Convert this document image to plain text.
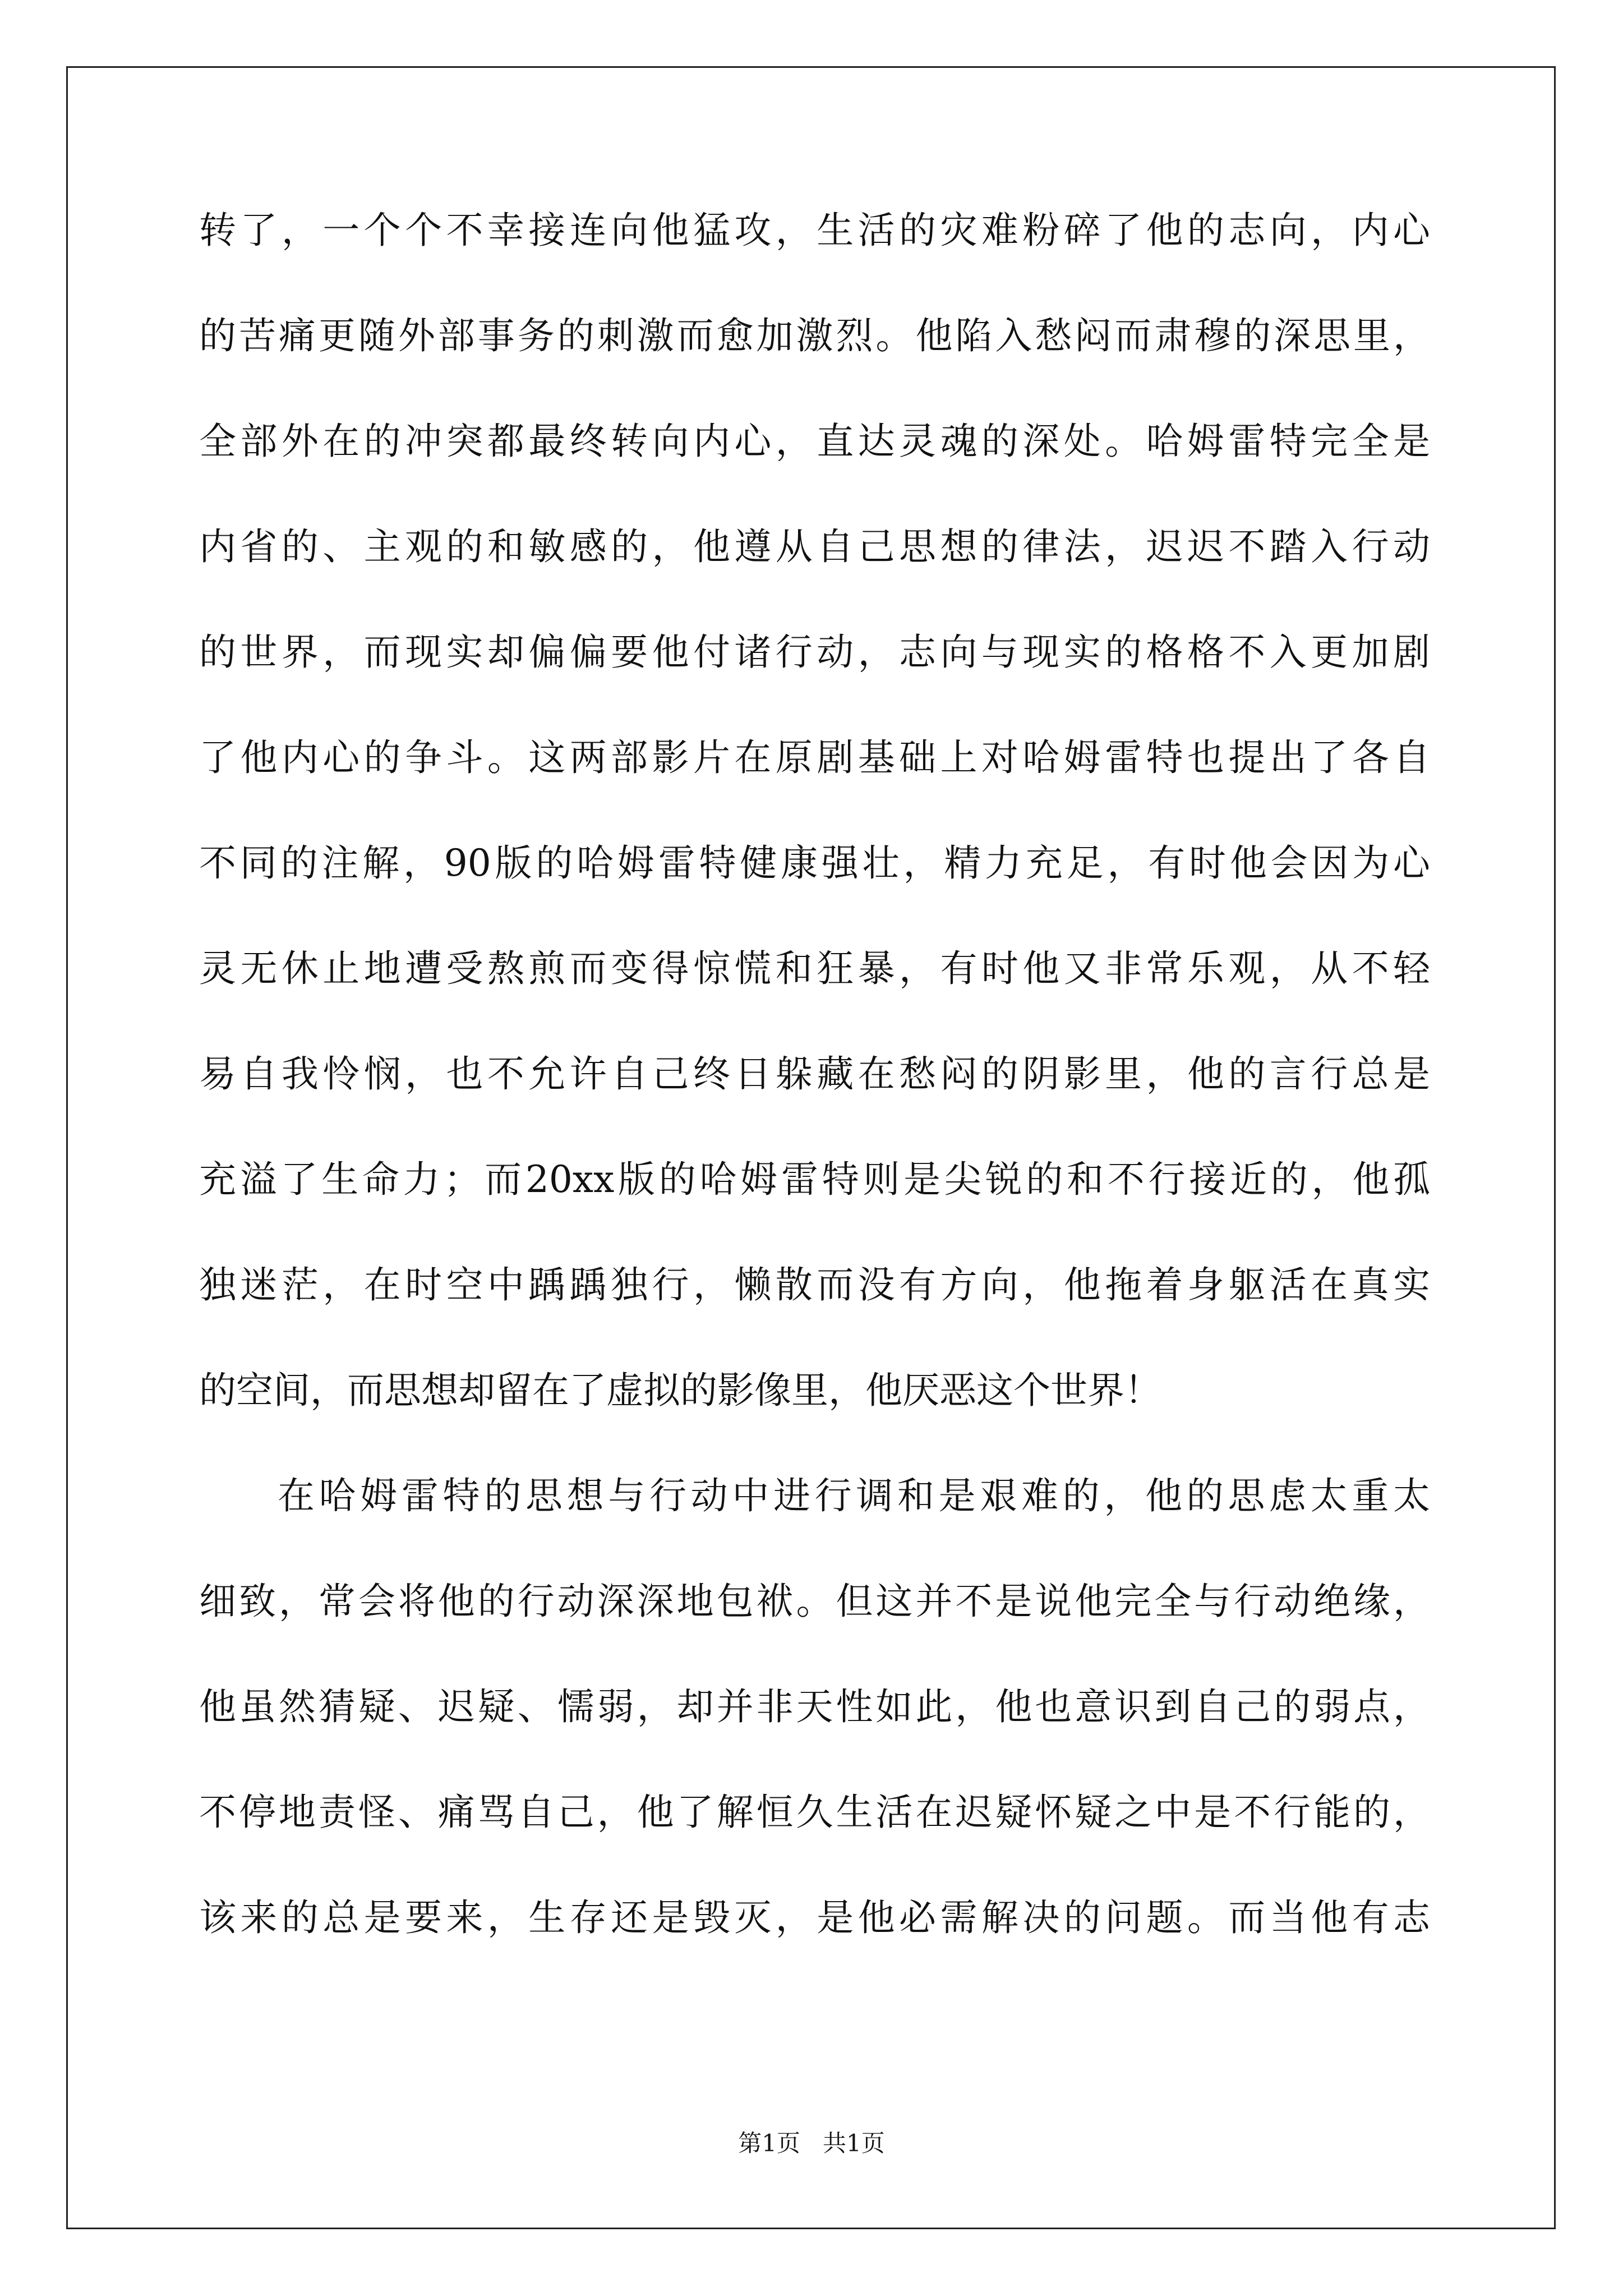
转了，一个个不幸接连向他猛攻，生活的灾难粉碎了他的志向，内心
的苦痛更随外部事务的刺激而愈加激烈。他陷入愁闷而肃穆的深思里，
全部外在的冲突都最终转向内心，直达灵魂的深处。哈姆雷特完全是
内省的、主观的和敏感的，他遵从自己思想的律法，迟迟不踏入行动
的世界，而现实却偏偏要他付诸行动，志向与现实的格格不入更加剧
了他内心的争斗。这两部影片在原剧基础上对哈姆雷特也提出了各自
不同的注解，90版的哈姆雷特健康强壮，精力充足，有时他会因为心
灵无休止地遭受熬煎而变得惊慌和狂暴，有时他又非常乐观，从不轻
易自我怜悯，也不允许自己终日躲藏在愁闷的阴影里，他的言行总是
充溢了生命力；而20xx版的哈姆雷特则是尖锐的和不行接近的，他孤
独迷茫，在时空中踽踽独行，懒散而没有方向，他拖着身躯活在真实
的空间，而思想却留在了虚拟的影像里，他厌恶这个世界！
在哈姆雷特的思想与行动中进行调和是艰难的，他的思虑太重太
细致，常会将他的行动深深地包袱。但这并不是说他完全与行动绝缘，
他虽然猜疑、迟疑、懦弱，却并非天性如此，他也意识到自己的弱点，
不停地责怪、痛骂自己，他了解恒久生活在迟疑怀疑之中是不行能的，
该来的总是要来，生存还是毁灭，是他必需解决的问题。而当他有志
第1页 共1页
